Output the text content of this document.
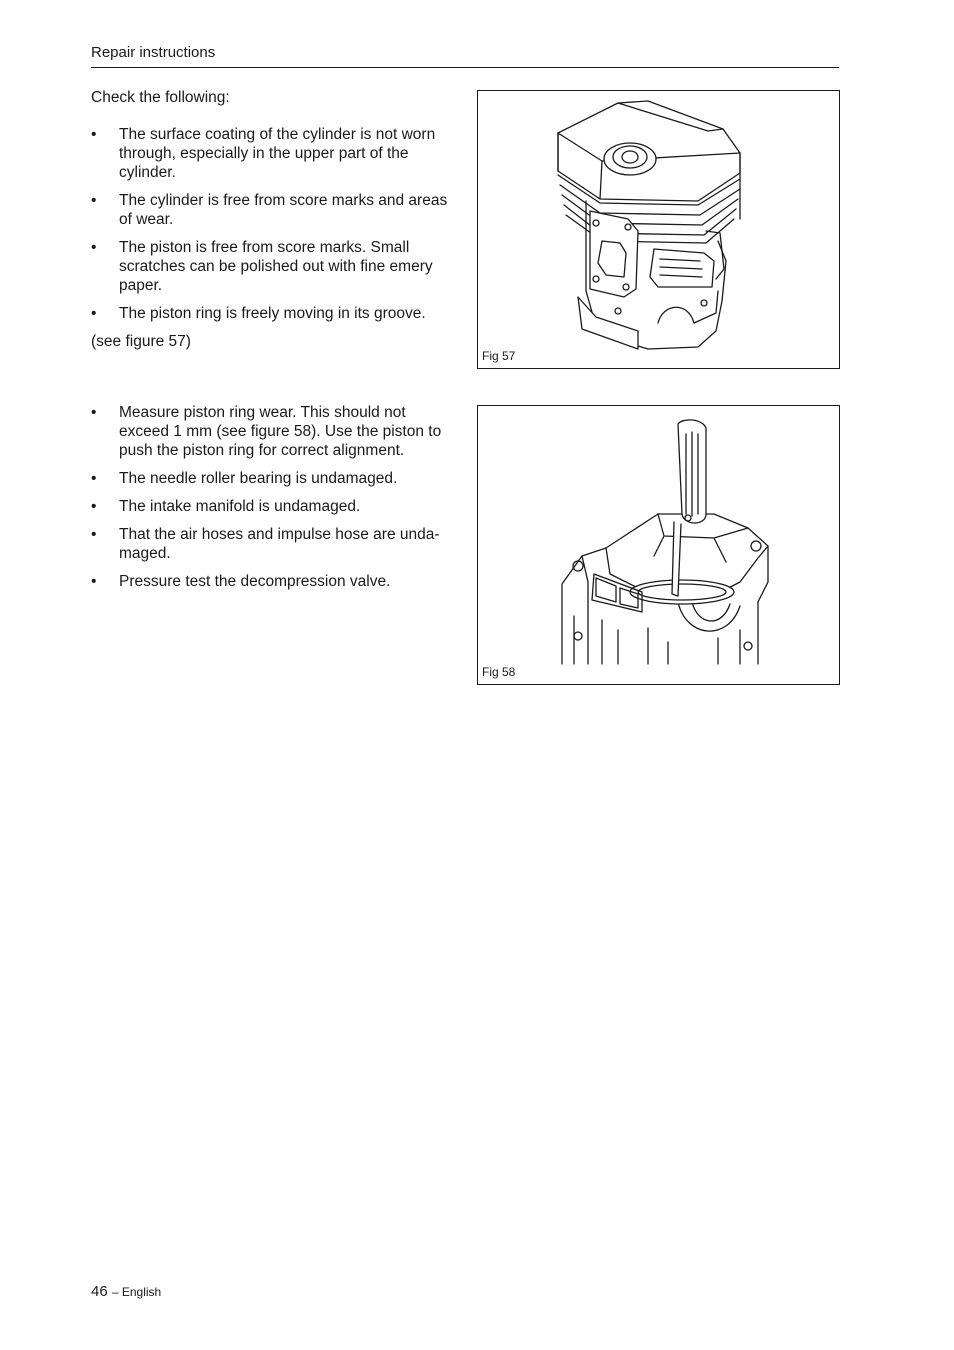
Repair instructions

Check the following:

• The surface coating of the cylinder is not worn through, especially in the upper part of the cylinder.
• The cylinder is free from score marks and areas of wear.
• The piston is free from score marks. Small scratches can be polished out with fine emery paper.
• The piston ring is freely moving in its groove.

(see figure 57)

• Measure piston ring wear. This should not exceed 1 mm (see figure 58). Use the piston to push the piston ring for correct alignment.
• The needle roller bearing is undamaged.
• The intake manifold is undamaged.
• That the air hoses and impulse hose are unda-maged.
• Pressure test the decompression valve.
Fig 57
Fig 58
46 – English
